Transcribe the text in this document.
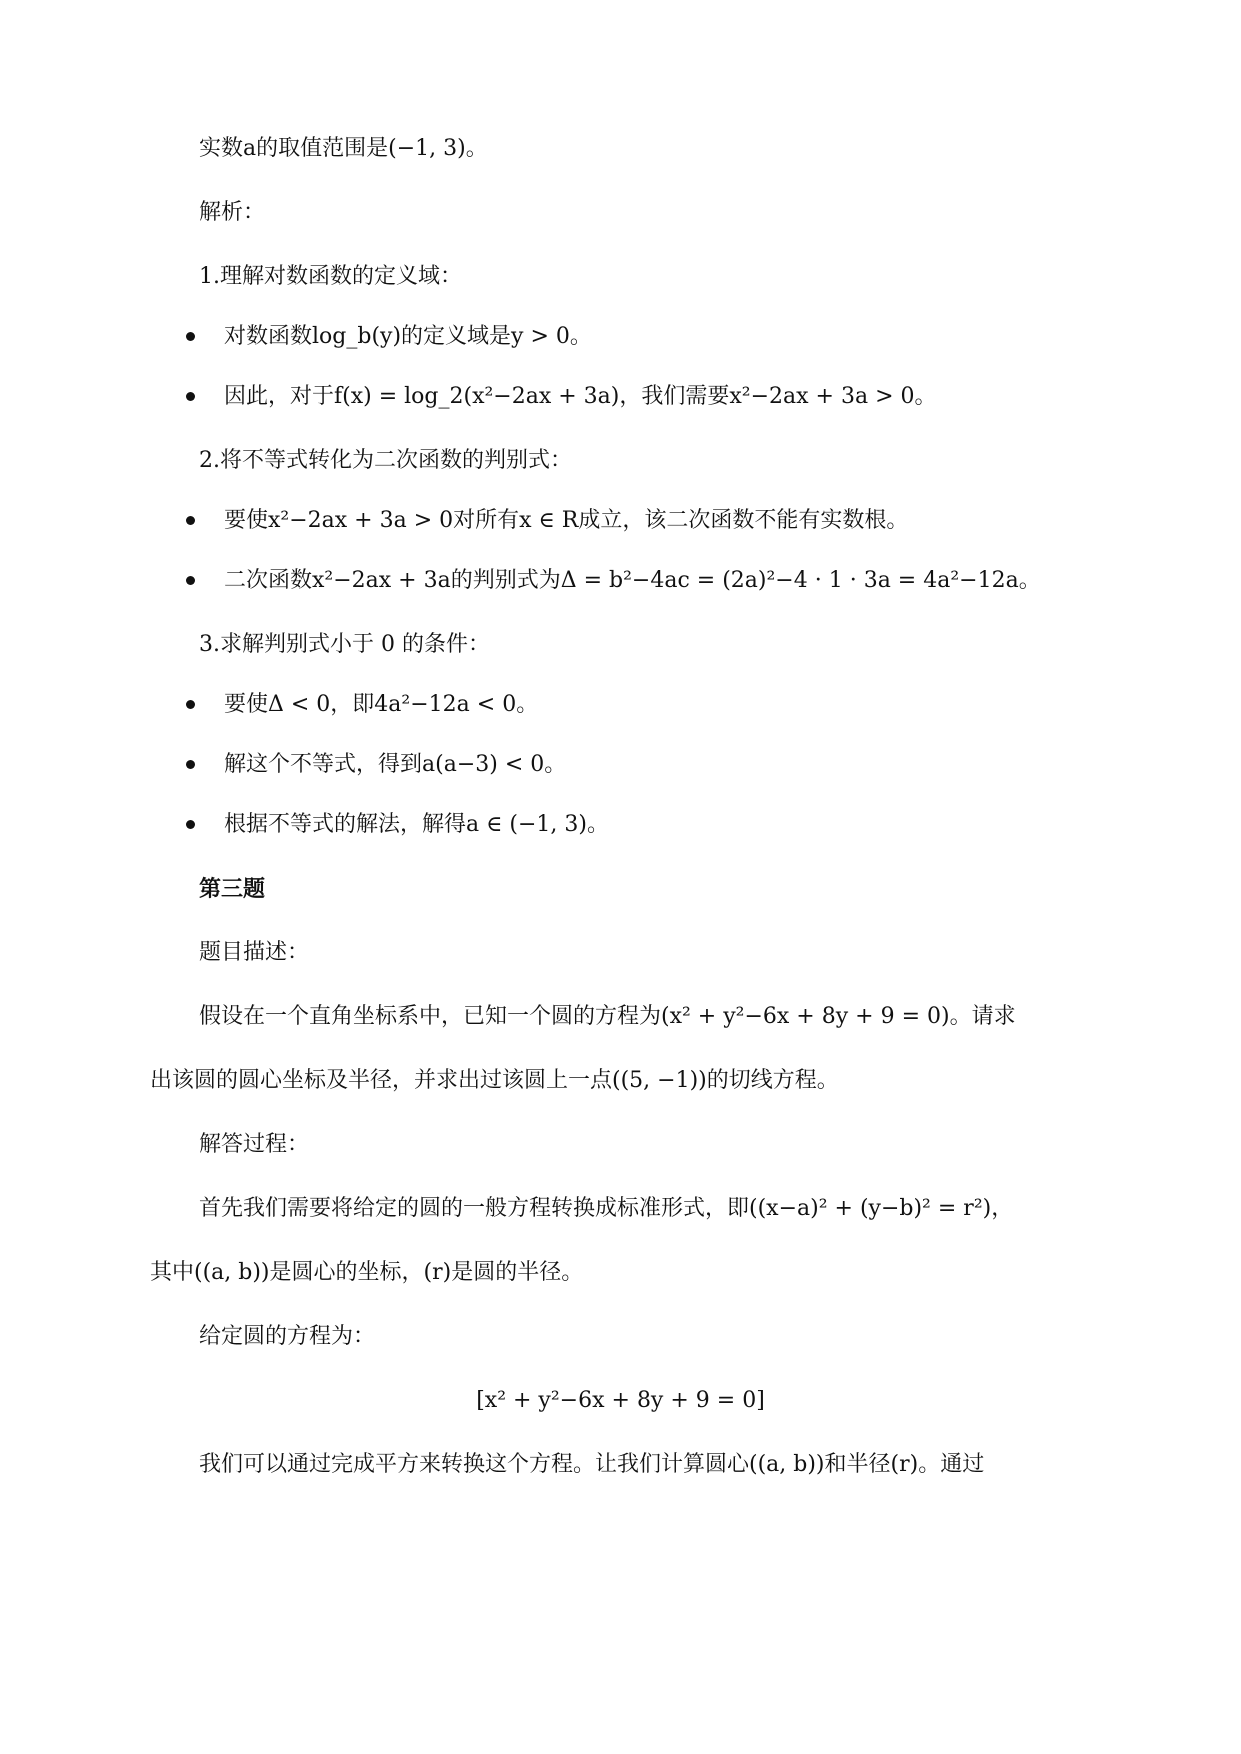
实数a的取值范围是(−1, 3)。
解析：
1.理解对数函数的定义域：
对数函数log_b(y)的定义域是y > 0。
因此，对于f(x) = log_2(x²−2ax + 3a)，我们需要x²−2ax + 3a > 0。
2.将不等式转化为二次函数的判别式：
要使x²−2ax + 3a > 0对所有x ∈ R成立，该二次函数不能有实数根。
二次函数x²−2ax + 3a的判别式为Δ = b²−4ac = (2a)²−4 · 1 · 3a = 4a²−12a。
3.求解判别式小于 0 的条件：
要使Δ < 0，即4a²−12a < 0。
解这个不等式，得到a(a−3) < 0。
根据不等式的解法，解得a ∈ (−1, 3)。
第三题
题目描述：
假设在一个直角坐标系中，已知一个圆的方程为(x² + y²−6x + 8y + 9 = 0)。请求
出该圆的圆心坐标及半径，并求出过该圆上一点((5, −1))的切线方程。
解答过程：
首先我们需要将给定的圆的一般方程转换成标准形式，即((x−a)² + (y−b)² = r²)，
其中((a, b))是圆心的坐标，(r)是圆的半径。
给定圆的方程为：
[x² + y²−6x + 8y + 9 = 0]
我们可以通过完成平方来转换这个方程。让我们计算圆心((a, b))和半径(r)。通过
